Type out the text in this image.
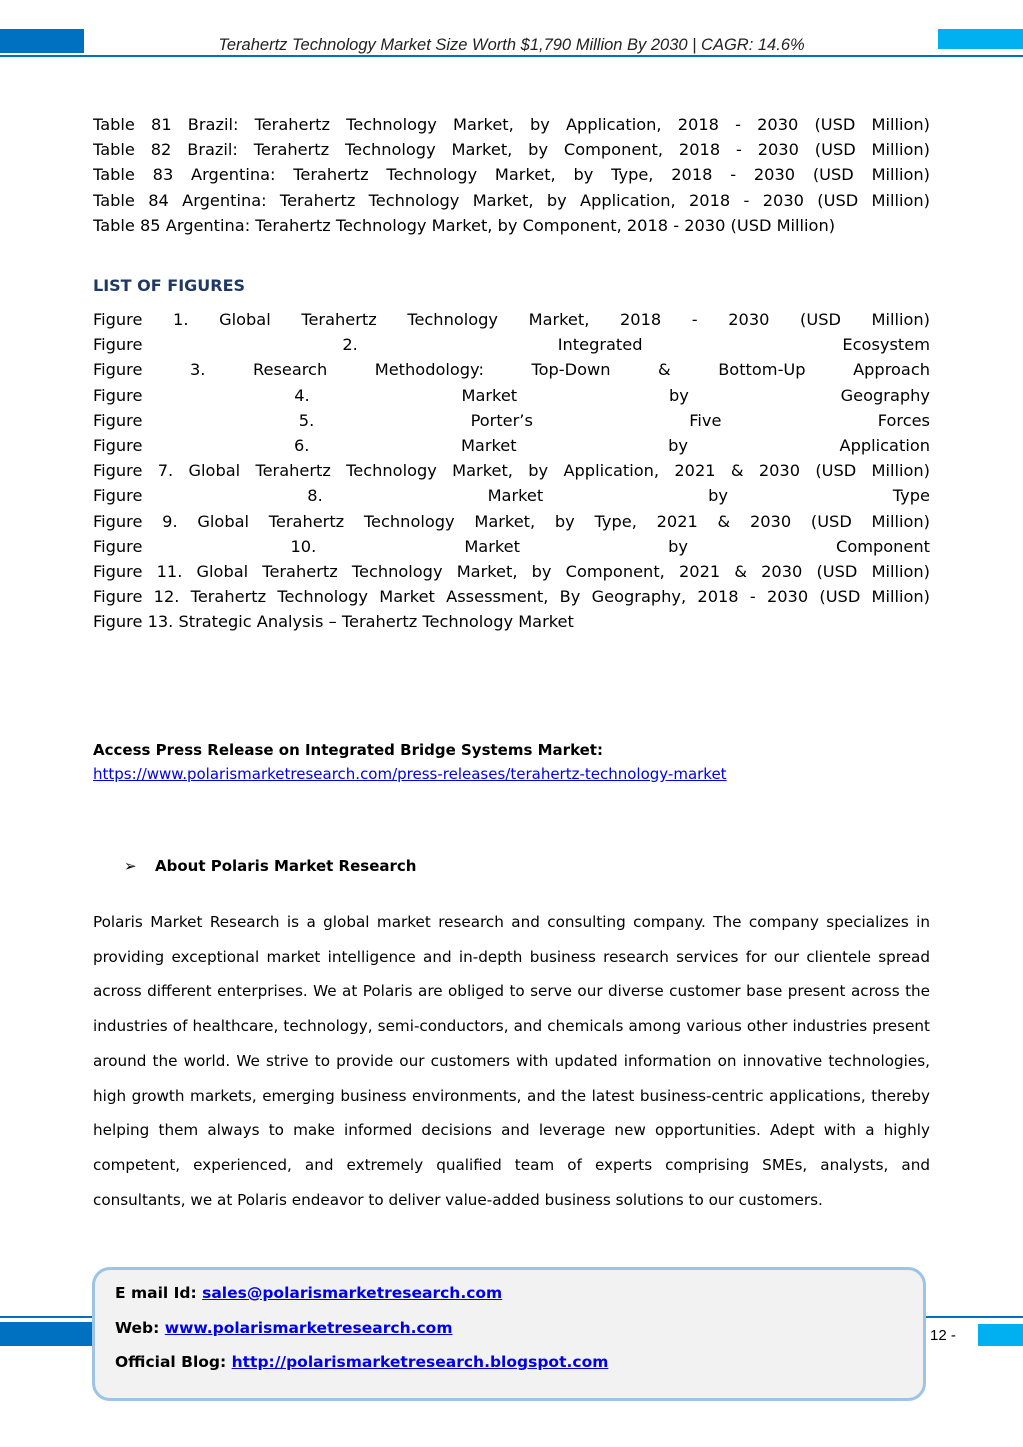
Terahertz Technology Market Size Worth $1,790 Million By 2030 | CAGR: 14.6%
Table 81 Brazil: Terahertz Technology Market, by Application, 2018 - 2030 (USD Million)
Table 82 Brazil: Terahertz Technology Market, by Component, 2018 - 2030 (USD Million)
Table 83 Argentina: Terahertz Technology Market, by Type, 2018 - 2030 (USD Million)
Table 84 Argentina: Terahertz Technology Market, by Application, 2018 - 2030 (USD Million)
Table 85 Argentina: Terahertz Technology Market, by Component, 2018 - 2030 (USD Million)
LIST OF FIGURES
Figure 1. Global Terahertz Technology Market, 2018 - 2030 (USD Million)
Figure 2. Integrated Ecosystem
Figure 3. Research Methodology: Top-Down & Bottom-Up Approach
Figure 4. Market by Geography
Figure 5. Porter’s Five Forces
Figure 6. Market by Application
Figure 7. Global Terahertz Technology Market, by Application, 2021 & 2030 (USD Million)
Figure 8. Market by Type
Figure 9. Global Terahertz Technology Market, by Type, 2021 & 2030 (USD Million)
Figure 10. Market by Component
Figure 11. Global Terahertz Technology Market, by Component, 2021 & 2030 (USD Million)
Figure 12. Terahertz Technology Market Assessment, By Geography, 2018 - 2030 (USD Million)
Figure 13. Strategic Analysis – Terahertz Technology Market
Access Press Release on Integrated Bridge Systems Market:
https://www.polarismarketresearch.com/press-releases/terahertz-technology-market
➢ About Polaris Market Research
Polaris Market Research is a global market research and consulting company. The company specializes in providing exceptional market intelligence and in-depth business research services for our clientele spread across different enterprises. We at Polaris are obliged to serve our diverse customer base present across the industries of healthcare, technology, semi-conductors, and chemicals among various other industries present around the world. We strive to provide our customers with updated information on innovative technologies, high growth markets, emerging business environments, and the latest business-centric applications, thereby helping them always to make informed decisions and leverage new opportunities. Adept with a highly competent, experienced, and extremely qualified team of experts comprising SMEs, analysts, and consultants, we at Polaris endeavor to deliver value-added business solutions to our customers.
12 -
E mail Id: sales@polarismarketresearch.com
Web: www.polarismarketresearch.com
Official Blog: http://polarismarketresearch.blogspot.com
